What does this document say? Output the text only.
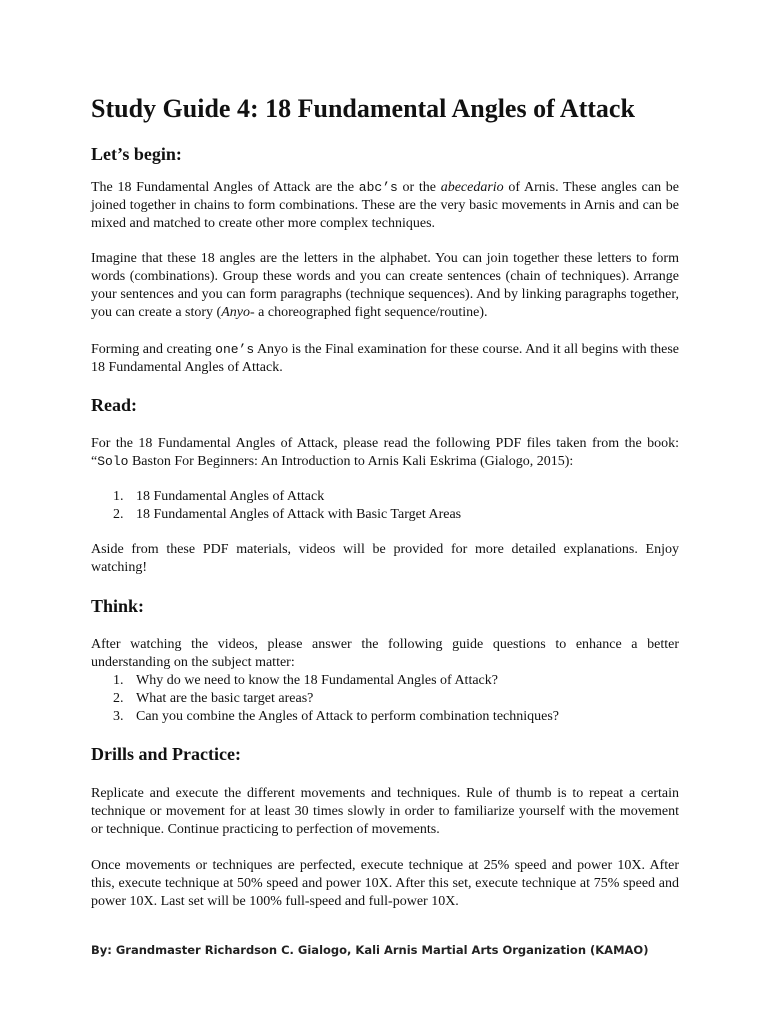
Study Guide 4: 18 Fundamental Angles of Attack
Let’s begin:

The 18 Fundamental Angles of Attack are the abc’s or the abecedario of Arnis. These angles can be joined together in chains to form combinations. These are the very basic movements in Arnis and can be mixed and matched to create other more complex techniques.

Imagine that these 18 angles are the letters in the alphabet. You can join together these letters to form words (combinations). Group these words and you can create sentences (chain of techniques). Arrange your sentences and you can form paragraphs (technique sequences). And by linking paragraphs together, you can create a story (Anyo- a choreographed fight sequence/routine).

Forming and creating one’s Anyo is the Final examination for these course. And it all begins with these 18 Fundamental Angles of Attack.

Read:

For the 18 Fundamental Angles of Attack, please read the following PDF files taken from the book: “Solo Baston For Beginners: An Introduction to Arnis Kali Eskrima (Gialogo, 2015):

1. 18 Fundamental Angles of Attack
2. 18 Fundamental Angles of Attack with Basic Target Areas

Aside from these PDF materials, videos will be provided for more detailed explanations. Enjoy watching!

Think:

After watching the videos, please answer the following guide questions to enhance a better understanding on the subject matter:

1. Why do we need to know the 18 Fundamental Angles of Attack?
2. What are the basic target areas?
3. Can you combine the Angles of Attack to perform combination techniques?
Drills and Practice:

Replicate and execute the different movements and techniques. Rule of thumb is to repeat a certain technique or movement for at least 30 times slowly in order to familiarize yourself with the movement or technique. Continue practicing to perfection of movements.

Once movements or techniques are perfected, execute technique at 25% speed and power 10X. After this, execute technique at 50% speed and power 10X. After this set, execute technique at 75% speed and power 10X. Last set will be 100% full-speed and full-power 10X.

By: Grandmaster Richardson C. Gialogo, Kali Arnis Martial Arts Organization (KAMAO)
